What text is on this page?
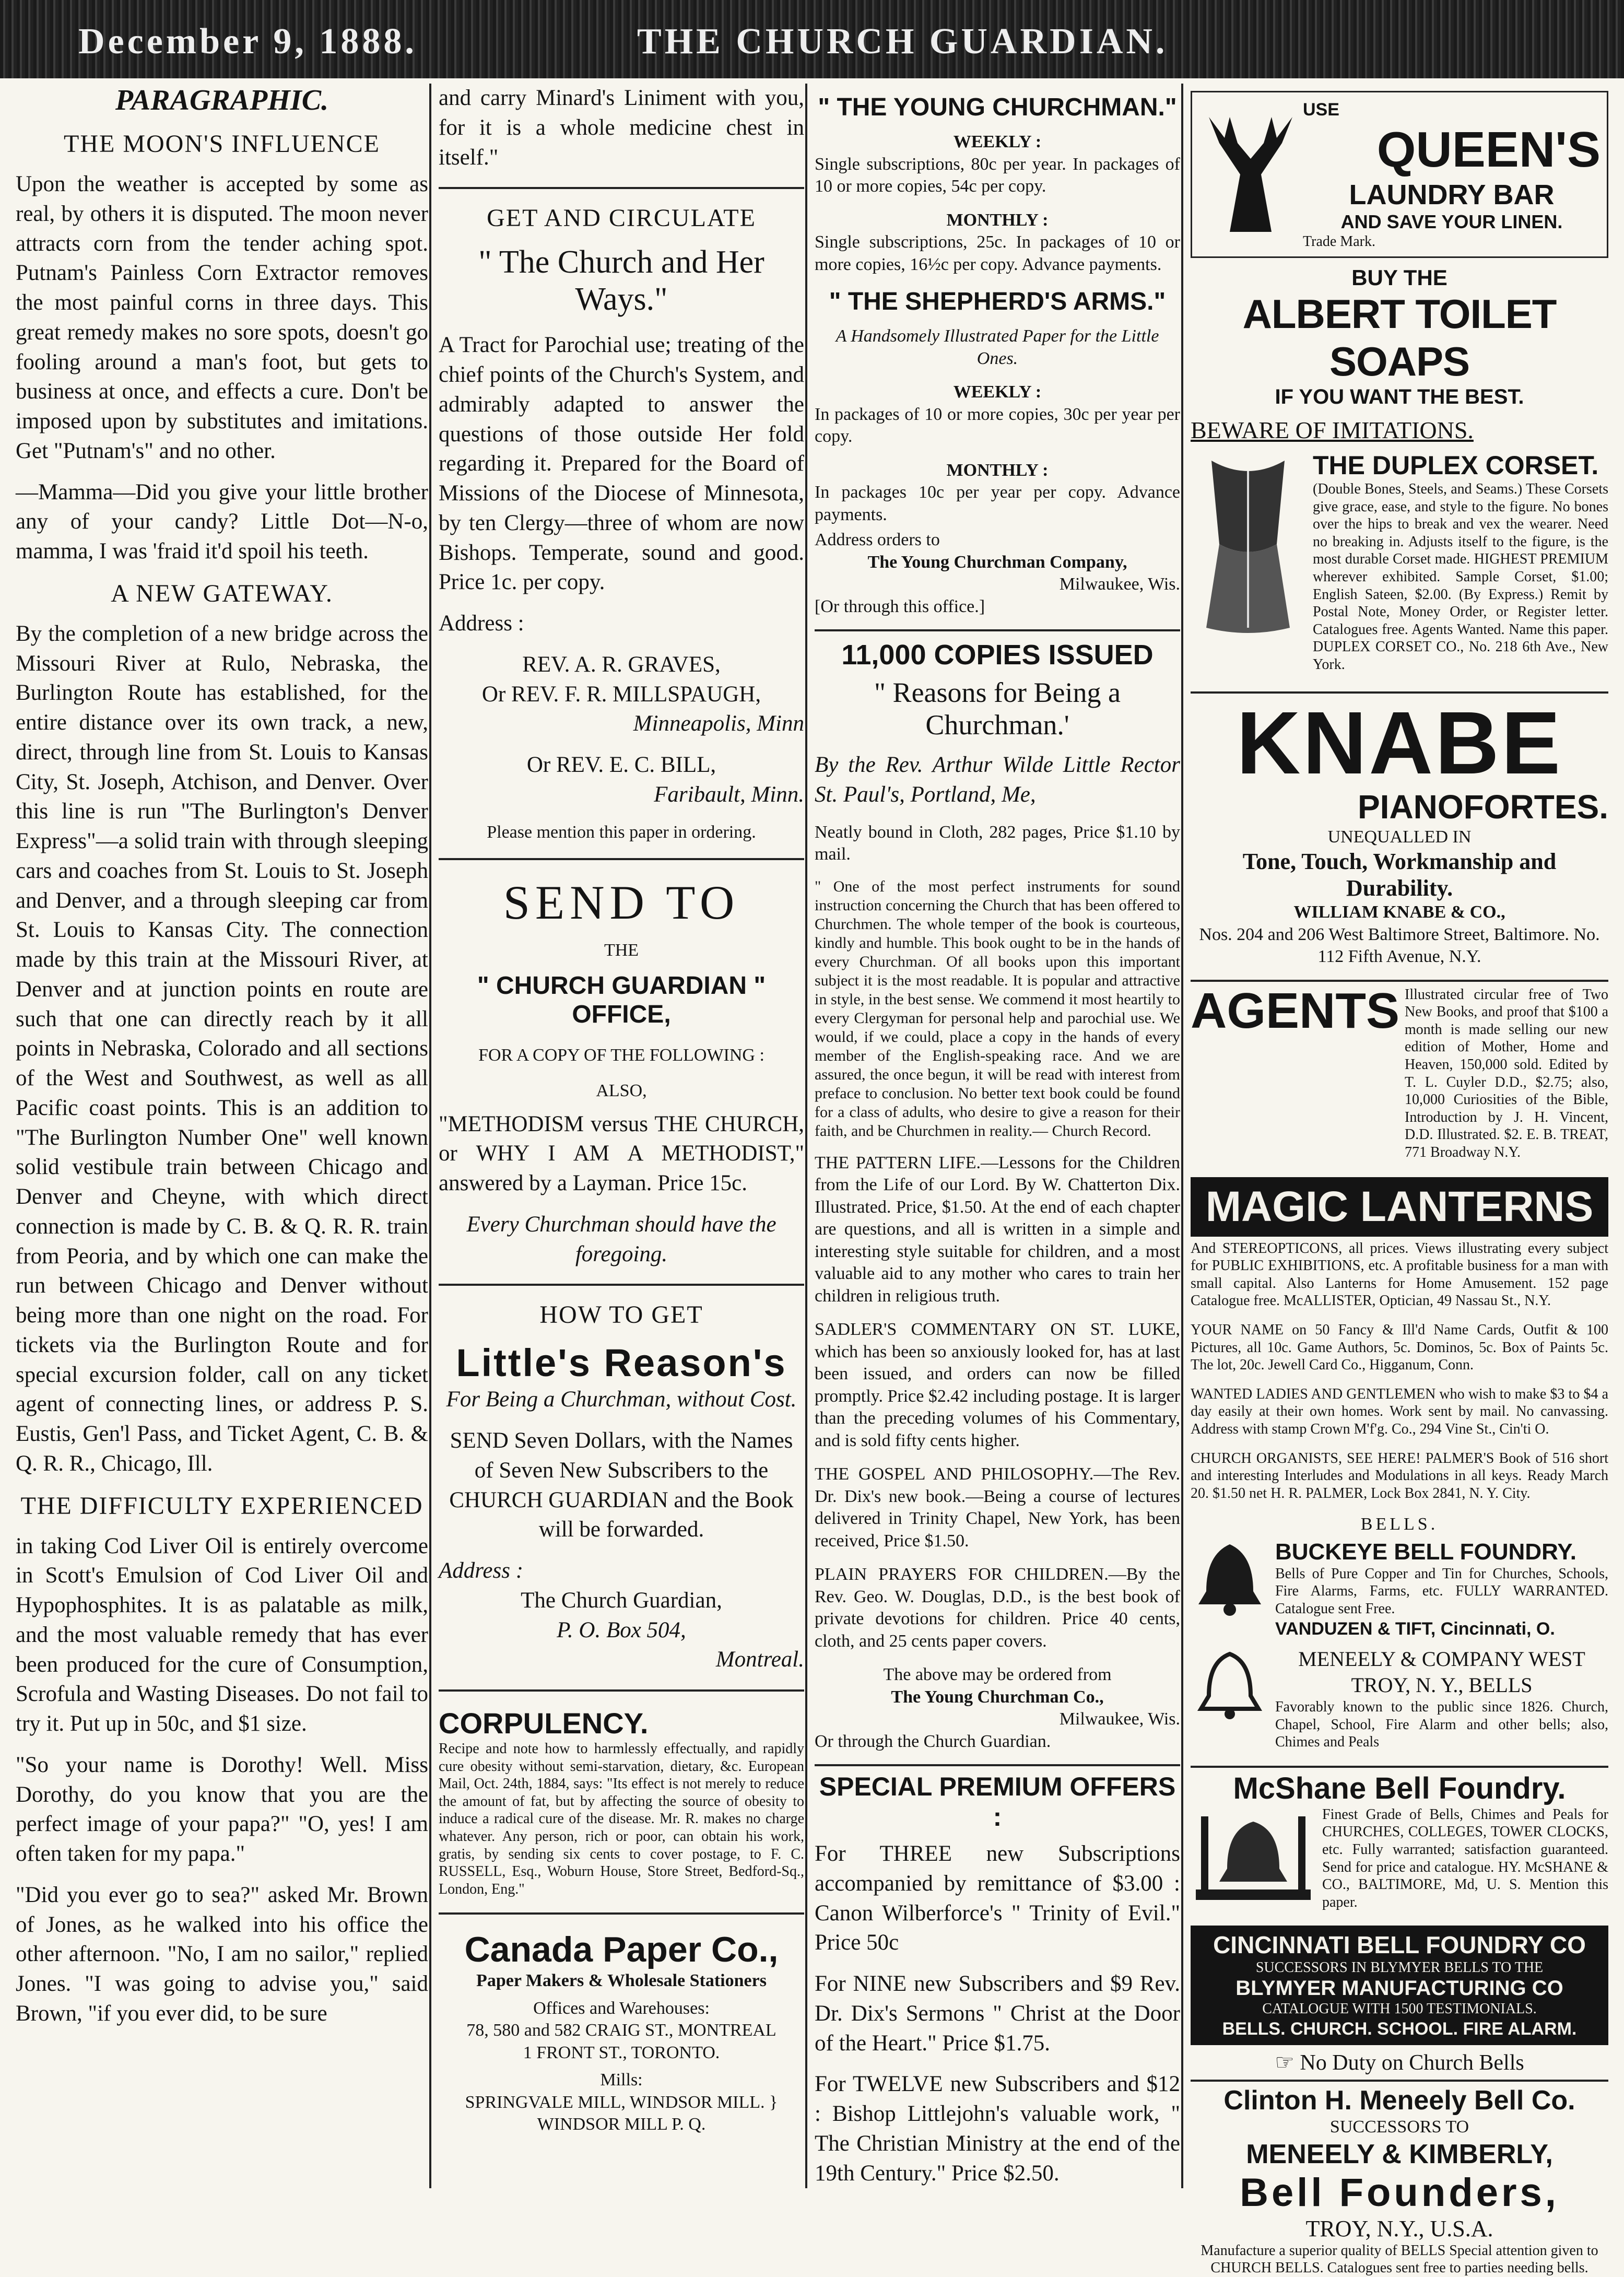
December 9, 1888.	THE CHURCH GUARDIAN.
PARAGRAPHIC.
THE MOON'S INFLUENCE

Upon the weather is accepted by some as real, by others it is disputed. The moon never attracts corn from the tender aching spot. Putnam's Painless Corn Extractor removes the most painful corns in three days. This great remedy makes no sore spots, doesn't go fooling around a man's foot, but gets to business at once, and effects a cure. Don't be imposed upon by substitutes and imitations. Get "Putnam's" and no other.

—Mamma—Did you give your little brother any of your candy? Little Dot—N-o, mamma, I was 'fraid it'd spoil his teeth.

A NEW GATEWAY.

By the completion of a new bridge across the Missouri River at Rulo, Nebraska, the Burlington Route has established, for the entire distance over its own track, a new, direct, through line from St. Louis to Kansas City, St. Joseph, Atchison, and Denver. Over this line is run "The Burlington's Denver Express"—a solid train with through sleeping cars and coaches from St. Louis to St. Joseph and Denver, and a through sleeping car from St. Louis to Kansas City. The connection made by this train at the Missouri River, at Denver and at junction points en route are such that one can directly reach by it all points in Nebraska, Colorado and all sections of the West and Southwest, as well as all Pacific coast points. This is an addition to "The Burlington Number One" well known solid vestibule train between Chicago and Denver and Cheyne, with which direct connection is made by C. B. & Q. R. R. train from Peoria, and by which one can make the run between Chicago and Denver without being more than one night on the road. For tickets via the Burlington Route and for special excursion folder, call on any ticket agent of connecting lines, or address P. S. Eustis, Gen'l Pass, and Ticket Agent, C. B. & Q. R. R., Chicago, Ill.

THE DIFFICULTY EXPERIENCED

in taking Cod Liver Oil is entirely overcome in Scott's Emulsion of Cod Liver Oil and Hypophosphites. It is as palatable as milk, and the most valuable remedy that has ever been produced for the cure of Consumption, Scrofula and Wasting Diseases. Do not fail to try it. Put up in 50c, and $1 size.

"So your name is Dorothy! Well. Miss Dorothy, do you know that you are the perfect image of your papa?" "O, yes! I am often taken for my papa."

"Did you ever go to sea?" asked Mr. Brown of Jones, as he walked into his office the other afternoon. "No, I am no sailor," replied Jones. "I was going to advise you," said Brown, "if you ever did, to be sure

and carry Minard's Liniment with you, for it is a whole medicine chest in itself."

GET AND CIRCULATE
" The Church and Her Ways."

A Tract for Parochial use; treating of the chief points of the Church's System, and admirably adapted to answer the questions of those outside Her fold regarding it. Prepared for the Board of Missions of the Diocese of Minnesota, by ten Clergy—three of whom are now Bishops. Temperate, sound and good. Price 1c. per copy.

Address :

REV. A. R. GRAVES,

Or REV. F. R. MILLSPAUGH,

Minneapolis, Minn

Or REV. E. C. BILL,

Faribault, Minn.

Please mention this paper in ordering.

SEND TO
THE
" CHURCH GUARDIAN " OFFICE,
FOR A COPY OF THE FOLLOWING :
ALSO,

"METHODISM versus THE CHURCH, or WHY I AM A METHODIST," answered by a Layman. Price 15c.

Every Churchman should have the foregoing.

HOW TO GET
Little's Reason's

For Being a Churchman, without Cost.

SEND Seven Dollars, with the Names of Seven New Subscribers to the CHURCH GUARDIAN and the Book will be forwarded.

Address :

The Church Guardian,

P. O. Box 504,

Montreal.

CORPULENCY.

Recipe and note how to harmlessly effectually, and rapidly cure obesity without semi-starvation, dietary, &c. European Mail, Oct. 24th, 1884, says: "Its effect is not merely to reduce the amount of fat, but by affecting the source of obesity to induce a radical cure of the disease. Mr. R. makes no charge whatever. Any person, rich or poor, can obtain his work, gratis, by sending six cents to cover postage, to F. C. RUSSELL, Esq., Woburn House, Store Street, Bedford-Sq., London, Eng."

Canada Paper Co.,
Paper Makers & Wholesale Stationers
Offices and Warehouses:
78, 580 and 582 CRAIG ST., MONTREAL
1 FRONT ST., TORONTO.
Mills:
SPRINGVALE MILL, WINDSOR MILL. } WINDSOR MILL P. Q.
" THE YOUNG CHURCHMAN."
WEEKLY :

Single subscriptions, 80c per year. In packages of 10 or more copies, 54c per copy.

MONTHLY :

Single subscriptions, 25c. In packages of 10 or more copies, 16½c per copy. Advance payments.

" THE SHEPHERD'S ARMS."

A Handsomely Illustrated Paper for the Little Ones.

WEEKLY :

In packages of 10 or more copies, 30c per year per copy.

MONTHLY :

In packages 10c per year per copy. Advance payments.

Address orders to

The Young Churchman Company,

Milwaukee, Wis.

[Or through this office.]

11,000 COPIES ISSUED
" Reasons for Being a Churchman.'

By the Rev. Arthur Wilde Little Rector St. Paul's, Portland, Me,

Neatly bound in Cloth, 282 pages, Price $1.10 by mail.

" One of the most perfect instruments for sound instruction concerning the Church that has been offered to Churchmen. The whole temper of the book is courteous, kindly and humble. This book ought to be in the hands of every Churchman. Of all books upon this important subject it is the most readable. It is popular and attractive in style, in the best sense. We commend it most heartily to every Clergyman for personal help and parochial use. We would, if we could, place a copy in the hands of every member of the English-speaking race. And we are assured, the once begun, it will be read with interest from preface to conclusion. No better text book could be found for a class of adults, who desire to give a reason for their faith, and be Churchmen in reality.— Church Record.

THE PATTERN LIFE.—Lessons for the Children from the Life of our Lord. By W. Chatterton Dix. Illustrated. Price, $1.50. At the end of each chapter are questions, and all is written in a simple and interesting style suitable for children, and a most valuable aid to any mother who cares to train her children in religious truth.

SADLER'S COMMENTARY ON ST. LUKE, which has been so anxiously looked for, has at last been issued, and orders can now be filled promptly. Price $2.42 including postage. It is larger than the preceding volumes of his Commentary, and is sold fifty cents higher.

THE GOSPEL AND PHILOSOPHY.—The Rev. Dr. Dix's new book.—Being a course of lectures delivered in Trinity Chapel, New York, has been received, Price $1.50.

PLAIN PRAYERS FOR CHILDREN.—By the Rev. Geo. W. Douglas, D.D., is the best book of private devotions for children. Price 40 cents, cloth, and 25 cents paper covers.

The above may be ordered from

The Young Churchman Co.,

Milwaukee, Wis.

Or through the Church Guardian.

SPECIAL PREMIUM OFFERS :

For THREE new Subscriptions accompanied by remittance of $3.00 : Canon Wilberforce's " Trinity of Evil." Price 50c

For NINE new Subscribers and $9 Rev. Dr. Dix's Sermons " Christ at the Door of the Heart." Price $1.75.

For TWELVE new Subscribers and $12 : Bishop Littlejohn's valuable work, " The Christian Ministry at the end of the 19th Century." Price $2.50.

USE
QUEEN'S
LAUNDRY BAR
AND SAVE YOUR LINEN.
Trade Mark.
BUY THE
ALBERT TOILET SOAPS
IF YOU WANT THE BEST.
BEWARE OF IMITATIONS.
THE DUPLEX CORSET.

(Double Bones, Steels, and Seams.) These Corsets give grace, ease, and style to the figure. No bones over the hips to break and vex the wearer. Need no breaking in. Adjusts itself to the figure, is the most durable Corset made. HIGHEST PREMIUM wherever exhibited. Sample Corset, $1.00; English Sateen, $2.00. (By Express.) Remit by Postal Note, Money Order, or Register letter. Catalogues free. Agents Wanted. Name this paper. DUPLEX CORSET CO., No. 218 6th Ave., New York.

KNABE
PIANOFORTES.
UNEQUALLED IN
Tone, Touch, Workmanship and Durability.
WILLIAM KNABE & CO.,

Nos. 204 and 206 West Baltimore Street, Baltimore. No. 112 Fifth Avenue, N.Y.

AGENTS Illustrated circular free of Two New Books, and proof that $100 a month is made selling our new edition of Mother, Home and Heaven, 150,000 sold. Edited by T. L. Cuyler D.D., $2.75; also, 10,000 Curiosities of the Bible, Introduction by J. H. Vincent, D.D. Illustrated. $2. E. B. TREAT, 771 Broadway N.Y.

MAGIC LANTERNS

And STEREOPTICONS, all prices. Views illustrating every subject for PUBLIC EXHIBITIONS, etc. A profitable business for a man with small capital. Also Lanterns for Home Amusement. 152 page Catalogue free. McALLISTER, Optician, 49 Nassau St., N.Y.

YOUR NAME on 50 Fancy & Ill'd Name Cards, Outfit & 100 Pictures, all 10c. Game Authors, 5c. Dominos, 5c. Box of Paints 5c. The lot, 20c. Jewell Card Co., Higganum, Conn.

WANTED LADIES AND GENTLEMEN who wish to make $3 to $4 a day easily at their own homes. Work sent by mail. No canvassing. Address with stamp Crown M'f'g. Co., 294 Vine St., Cin'ti O.

CHURCH ORGANISTS, SEE HERE! PALMER'S Book of 516 short and interesting Interludes and Modulations in all keys. Ready March 20. $1.50 net H. R. PALMER, Lock Box 2841, N. Y. City.

BELLS.
BUCKEYE BELL FOUNDRY.

Bells of Pure Copper and Tin for Churches, Schools, Fire Alarms, Farms, etc. FULLY WARRANTED. Catalogue sent Free.

VANDUZEN & TIFT, Cincinnati, O.
MENEELY & COMPANY WEST TROY, N. Y., BELLS

Favorably known to the public since 1826. Church, Chapel, School, Fire Alarm and other bells; also, Chimes and Peals

McShane Bell Foundry.

Finest Grade of Bells, Chimes and Peals for CHURCHES, COLLEGES, TOWER CLOCKS, etc. Fully warranted; satisfaction guaranteed. Send for price and catalogue. HY. McSHANE & CO., BALTIMORE, Md, U. S. Mention this paper.

CINCINNATI BELL FOUNDRY CO
SUCCESSORS IN BLYMYER BELLS TO THE
BLYMYER MANUFACTURING CO
CATALOGUE WITH 1500 TESTIMONIALS.
BELLS. CHURCH. SCHOOL. FIRE ALARM.
☞ No Duty on Church Bells
Clinton H. Meneely Bell Co.
SUCCESSORS TO
MENEELY & KIMBERLY,
Bell Founders,
TROY, N.Y., U.S.A.

Manufacture a superior quality of BELLS Special attention given to CHURCH BELLS. Catalogues sent free to parties needing bells.
